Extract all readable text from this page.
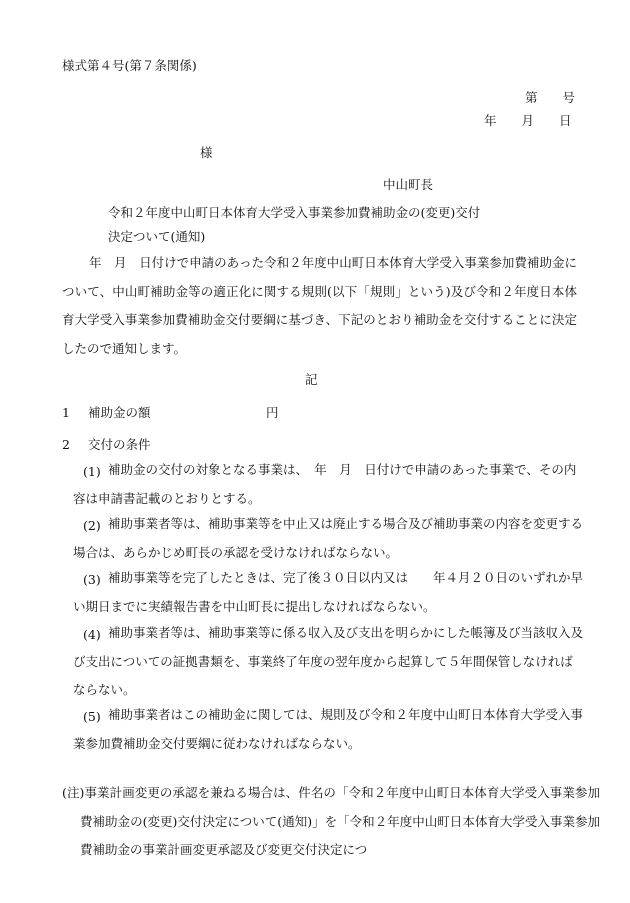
様式第４号(第７条関係)
第　　号
年　　月　　日
様
中山町長
令和２年度中山町日本体育大学受入事業参加費補助金の(変更)交付
決定ついて(通知)

年　月　日付けで申請のあった令和２年度中山町日本体育大学受入事業参加費補助金について、中山町補助金等の適正化に関する規則(以下「規則」という)及び令和２年度日本体育大学受入事業参加費補助金交付要綱に基づき、下記のとおり補助金を交付することに決定したので通知します。

記
1 補助金の額	円
2 交付の条件
(1) 補助金の交付の対象となる事業は、　年　月　日付けで申請のあった事業で、その内容は申請書記載のとおりとする。

(2) 補助事業者等は、補助事業等を中止又は廃止する場合及び補助事業の内容を変更する場合は、あらかじめ町長の承認を受けなければならない。

(3) 補助事業等を完了したときは、完了後３０日以内又は　　年４月２０日のいずれか早い期日までに実績報告書を中山町長に提出しなければならない。

(4) 補助事業者等は、補助事業等に係る収入及び支出を明らかにした帳簿及び当該収入及び支出についての証拠書類を、事業終了年度の翌年度から起算して５年間保管しなければならない。

(5) 補助事業者はこの補助金に関しては、規則及び令和２年度中山町日本体育大学受入事業参加費補助金交付要綱に従わなければならない。

(注)事業計画変更の承認を兼ねる場合は、件名の「令和２年度中山町日本体育大学受入事業参加費補助金の(変更)交付決定について(通知)」を「令和２年度中山町日本体育大学受入事業参加費補助金の事業計画変更承認及び変更交付決定につ
